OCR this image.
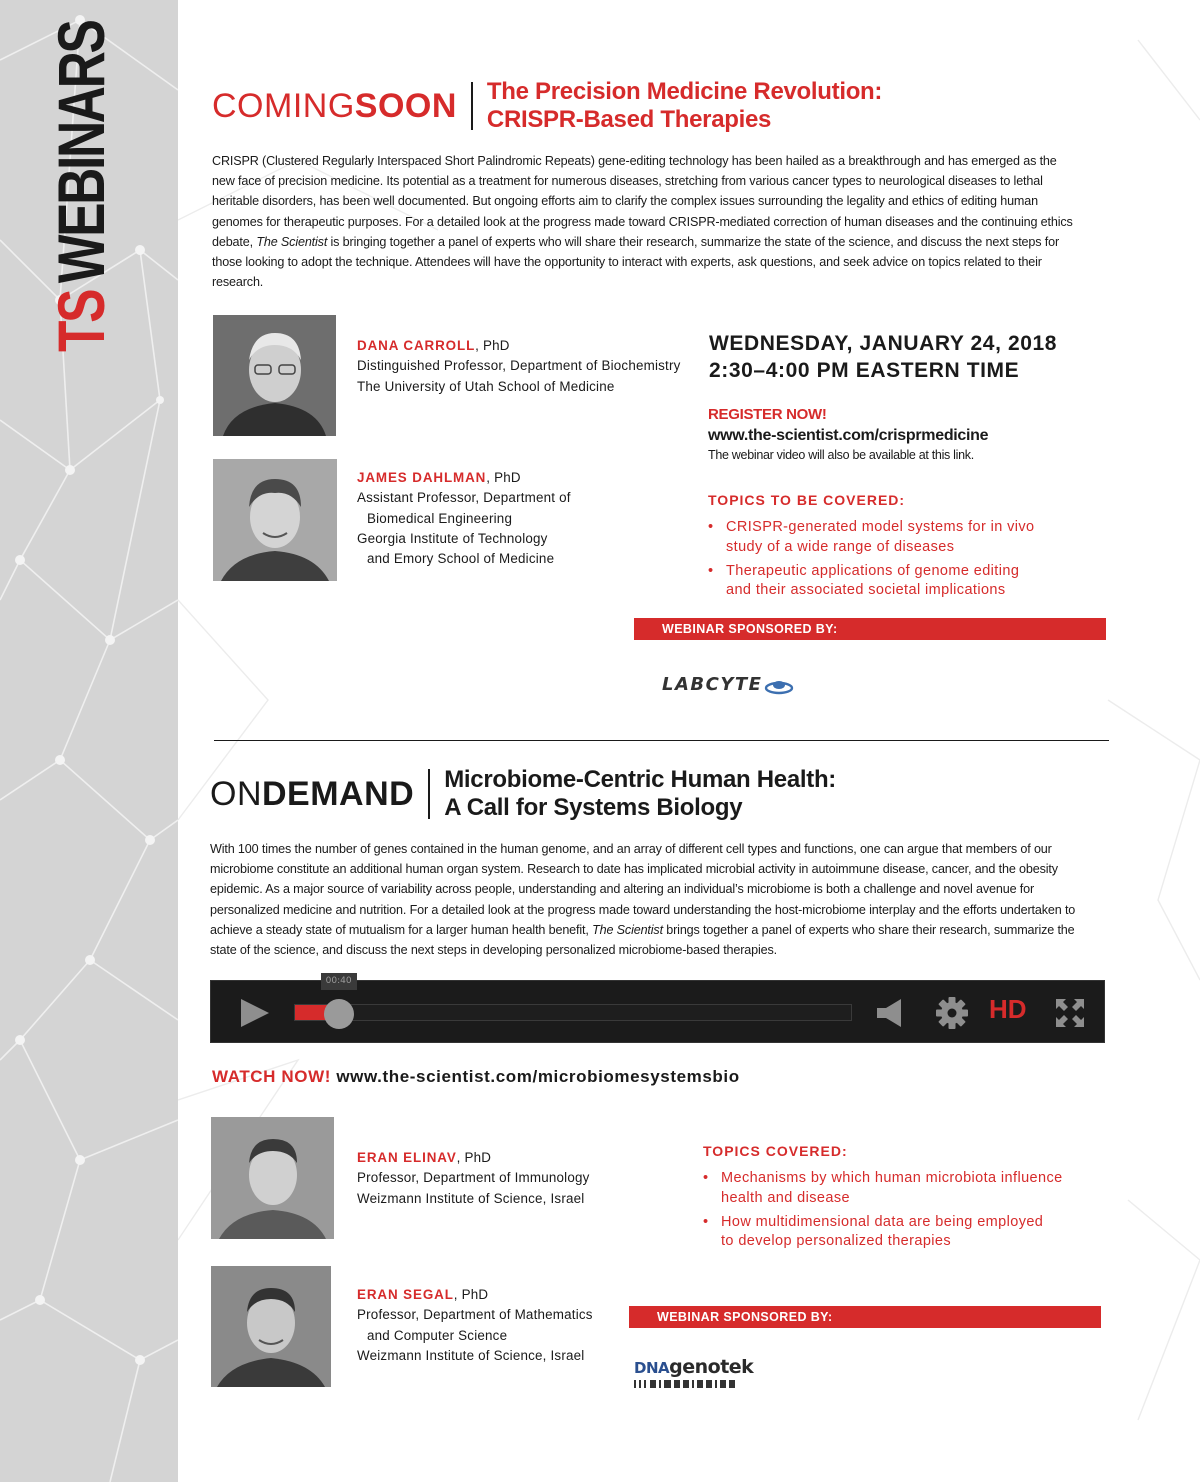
TSWEBINARS	COMINGSOON The Precision Medicine Revolution:
CRISPR-Based Therapies
CRISPR (Clustered Regularly Interspaced Short Palindromic Repeats) gene-editing technology has been hailed as a breakthrough and has emerged as the new face of precision medicine. Its potential as a treatment for numerous diseases, stretching from various cancer types to neurological diseases to lethal heritable disorders, has been well documented. But ongoing efforts aim to clarify the complex issues surrounding the legality and ethics of editing human genomes for therapeutic purposes. For a detailed look at the progress made toward CRISPR-mediated correction of human diseases and the continuing ethics debate, The Scientist is bringing together a panel of experts who will share their research, summarize the state of the science, and discuss the next steps for those looking to adopt the technique. Attendees will have the opportunity to interact with experts, ask questions, and seek advice on topics related to their research.
DANA CARROLL, PhD
Distinguished Professor, Department of Biochemistry
The University of Utah School of Medicine
JAMES DAHLMAN, PhD
Assistant Professor, Department of
Biomedical Engineering
Georgia Institute of Technology
and Emory School of Medicine
WEDNESDAY, JANUARY 24, 2018
2:30–4:00 PM EASTERN TIME
REGISTER NOW!
www.the-scientist.com/crisprmedicine
The webinar video will also be available at this link.
TOPICS TO BE COVERED:
• CRISPR-generated model systems for in vivo
study of a wide range of diseases
• Therapeutic applications of genome editing
and their associated societal implications
WEBINAR SPONSORED BY:
LABCYTE
ONDEMAND Microbiome-Centric Human Health:
A Call for Systems Biology
With 100 times the number of genes contained in the human genome, and an array of different cell types and functions, one can argue that members of our microbiome constitute an additional human organ system. Research to date has implicated microbial activity in autoimmune disease, cancer, and the obesity epidemic. As a major source of variability across people, understanding and altering an individual’s microbiome is both a challenge and novel avenue for personalized medicine and nutrition. For a detailed look at the progress made toward understanding the host-microbiome interplay and the efforts undertaken to achieve a steady state of mutualism for a larger human health benefit, The Scientist brings together a panel of experts who share their research, summarize the state of the science, and discuss the next steps in developing personalized microbiome-based therapies.
00:40
HD
WATCH NOW! www.the-scientist.com/microbiomesystemsbio
ERAN ELINAV, PhD
Professor, Department of Immunology
Weizmann Institute of Science, Israel
ERAN SEGAL, PhD
Professor, Department of Mathematics
and Computer Science
Weizmann Institute of Science, Israel
TOPICS COVERED:
• Mechanisms by which human microbiota influence
health and disease
• How multidimensional data are being employed
to develop personalized therapies
WEBINAR SPONSORED BY:
DNA genotek
